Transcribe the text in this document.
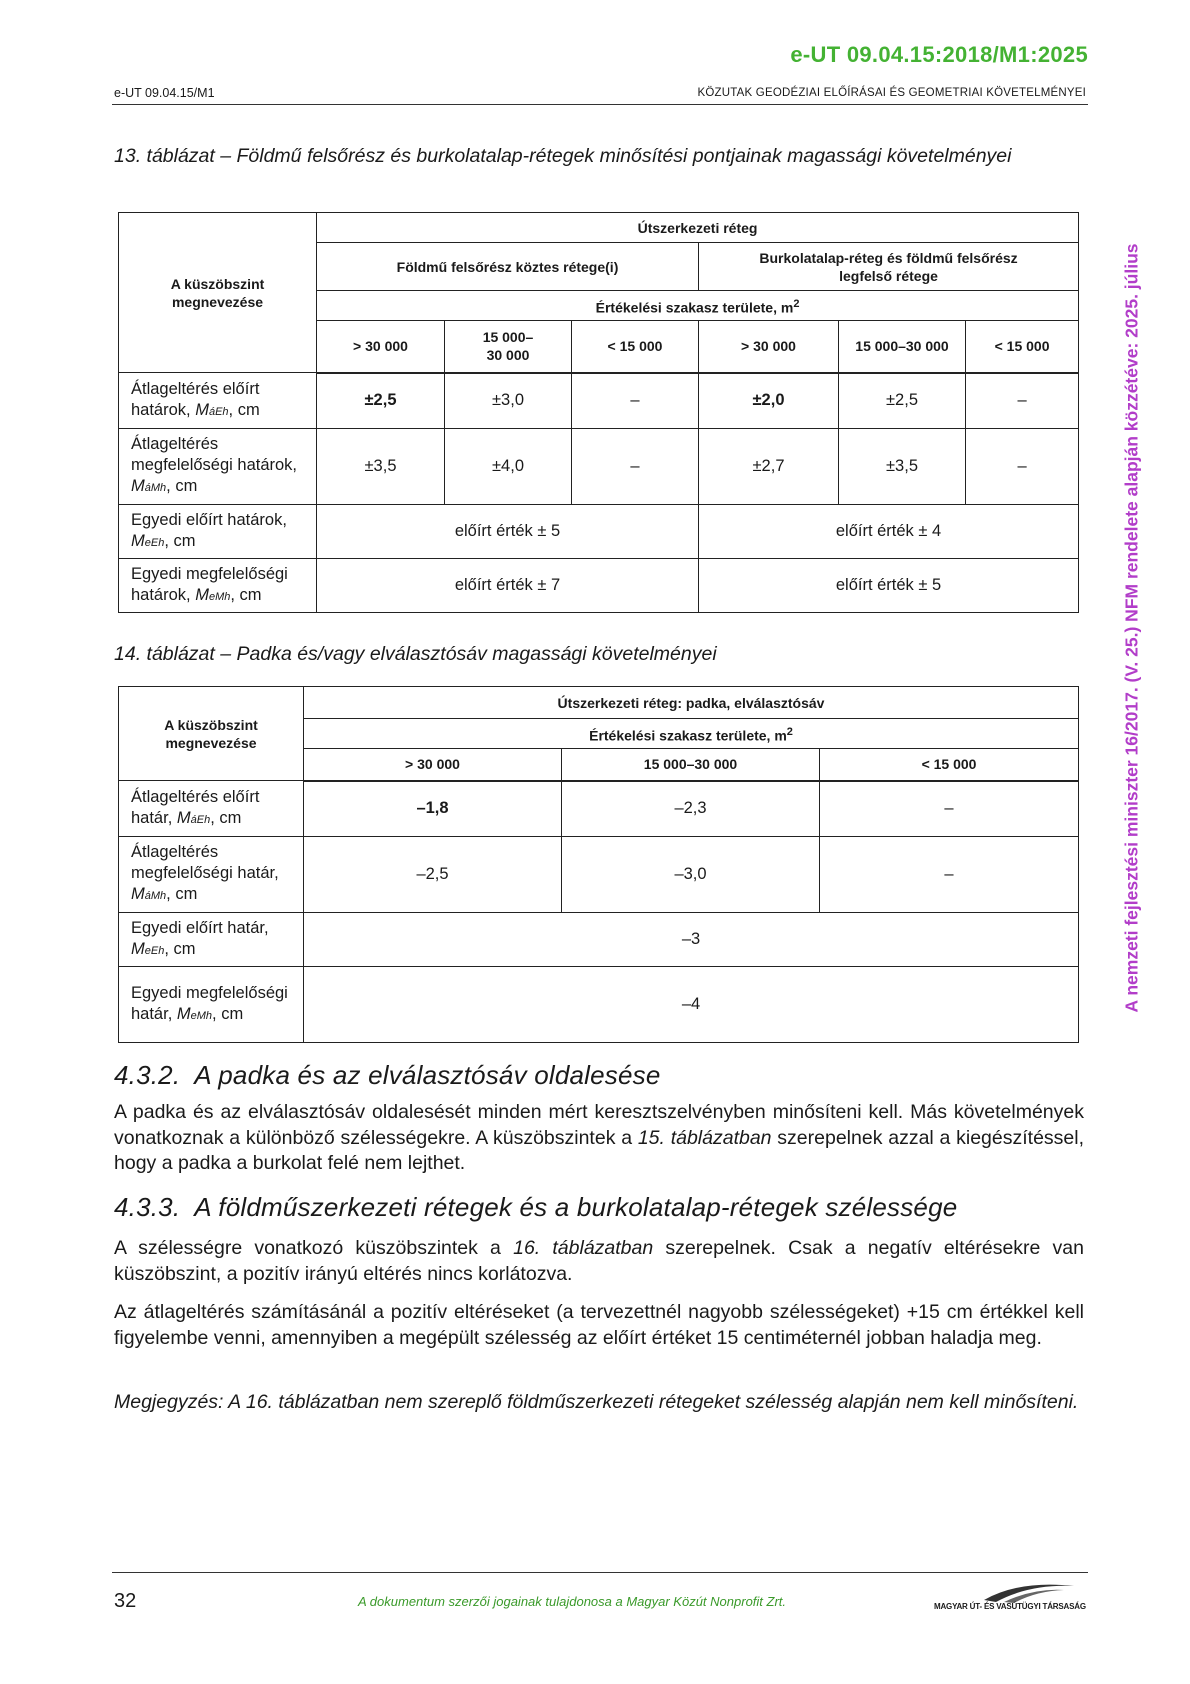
e-UT 09.04.15:2018/M1:2025
e-UT 09.04.15/M1	KÖZUTAK GEODÉZIAI ELŐÍRÁSAI ÉS GEOMETRIAI KÖVETELMÉNYEI
A nemzeti fejlesztési miniszter 16/2017. (V. 25.) NFM rendelete alapján közzétéve: 2025. július
13. táblázat – Földmű felsőrész és burkolatalap-rétegek minősítési pontjainak magassági követelményei
A küszöbszint megnevezése	Útszerkezeti réteg					
	Földmű felsőrész köztes rétege(i)			Burkolatalap-réteg és földmű felsőrész legfelső rétege		
	Értékelési szakasz területe, $m^2$
	> 30 000	15 000– 30 000	< 15 000	> 30 000	15 000–30 000	< 15 000
Átlageltérés előírt határok, MáEh, cm	±2,5	±3,0	–	±2,0	±2,5	–
Átlageltérés megfelelőségi határok, MáMh, cm	±3,5	±4,0	–	±2,7	±3,5	–
Egyedi előírt határok, MeEh, cm	előírt érték ± 5			előírt érték ± 4		
Egyedi megfelelőségi határok, MeMh, cm	előírt érték ± 7			előírt érték ± 5		
14. táblázat – Padka és/vagy elválasztósáv magassági követelményei
A küszöbszint megnevezése	Útszerkezeti réteg: padka, elválasztósáv		
	Értékelési szakasz területe, $m^2$
	> 30 000	15 000–30 000	< 15 000
Átlageltérés előírt határ, MáEh, cm	–1,8	–2,3	–
Átlageltérés megfelelőségi határ, MáMh, cm	–2,5	–3,0	–
Egyedi előírt határ, MeEh, cm	–3		
Egyedi megfelelőségi határ, MeMh, cm	–4		
4.3.2. A padka és az elválasztósáv oldalesése

A padka és az elválasztósáv oldalesését minden mért keresztszelvényben minősíteni kell. Más követelmények vonatkoznak a különböző szélességekre. A küszöbszintek a 15. táblázatban szerepelnek azzal a kiegészítéssel, hogy a padka a burkolat felé nem lejthet.

4.3.3. A földműszerkezeti rétegek és a burkolatalap-rétegek szélessége

A szélességre vonatkozó küszöbszintek a 16. táblázatban szerepelnek. Csak a negatív eltérésekre van küszöbszint, a pozitív irányú eltérés nincs korlátozva.

Az átlageltérés számításánál a pozitív eltéréseket (a tervezettnél nagyobb szélességeket) +15 cm értékkel kell figyelembe venni, amennyiben a megépült szélesség az előírt értéket 15 centiméternél jobban haladja meg.

Megjegyzés: A 16. táblázatban nem szereplő földműszerkezeti rétegeket szélesség alapján nem kell minősíteni.

32	A dokumentum szerzői jogainak tulajdonosa a Magyar Közút Nonprofit Zrt.	MAGYAR ÚT- ÉS VASÚTÜGYI TÁRSASÁG
